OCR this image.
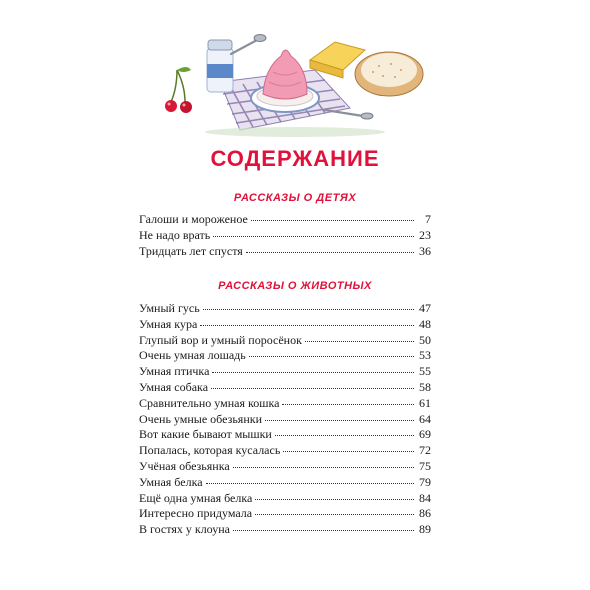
СОДЕРЖАНИЕ
РАССКАЗЫ О ДЕТЯХ
Галоши и мороженое	7
Не надо врать	23
Тридцать лет спустя	36
РАССКАЗЫ О ЖИВОТНЫХ
Умный гусь	47
Умная кура	48
Глупый вор и умный поросёнок	50
Очень умная лошадь	53
Умная птичка	55
Умная собака	58
Сравнительно умная кошка	61
Очень умные обезьянки	64
Вот какие бывают мышки	69
Попалась, которая кусалась	72
Учёная обезьянка	75
Умная белка	79
Ещё одна умная белка	84
Интересно придумала	86
В гостях у клоуна	89
